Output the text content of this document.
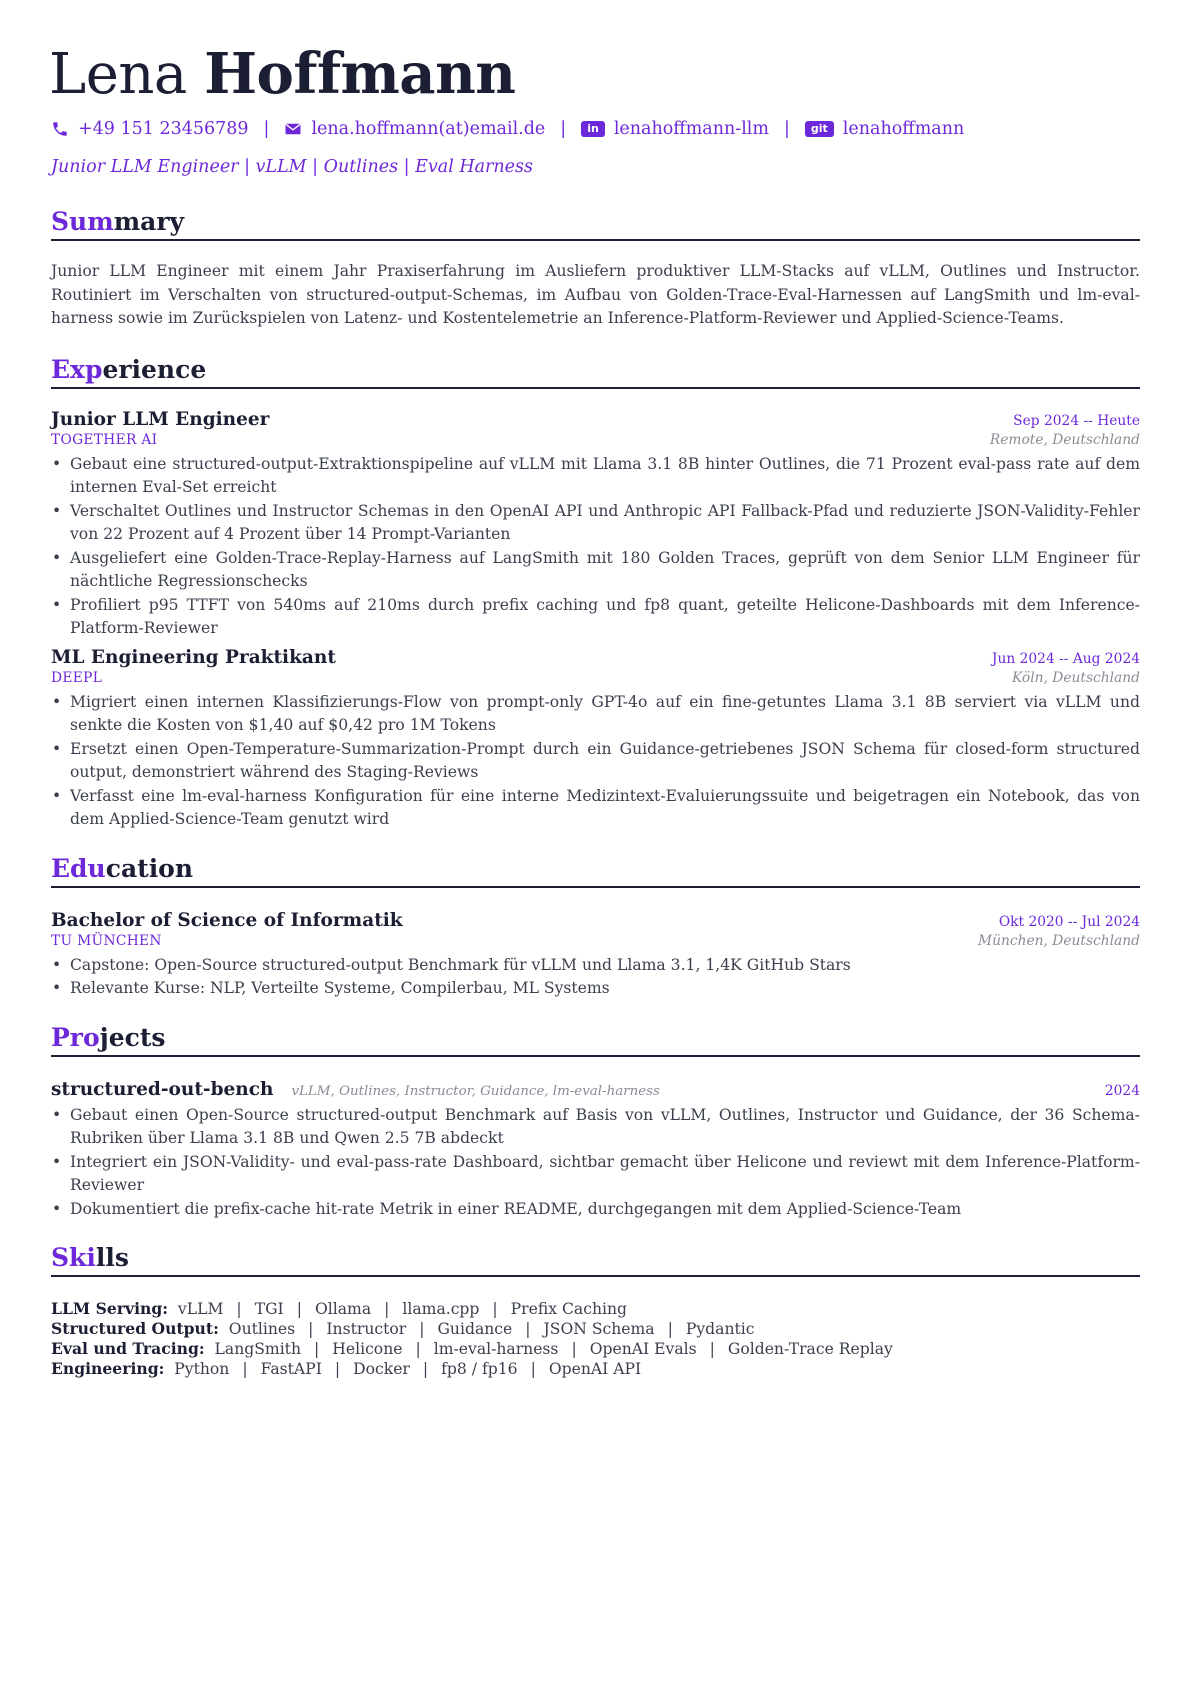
Lena Hoffmann
+49 151 23456789 | lena.hoffmann(at)email.de |	in lenahoffmann-llm |	git lenahoffmann
Junior LLM Engineer | vLLM | Outlines | Eval Harness
Summary
Junior LLM Engineer mit einem Jahr Praxiserfahrung im Ausliefern produktiver LLM-Stacks auf vLLM, Outlines und Instructor. Routiniert im Verschalten von structured-output-Schemas, im Aufbau von Golden-Trace-Eval-Harnessen auf LangSmith und lm-eval-harness sowie im Zurückspielen von Latenz- und Kostentelemetrie an Inference-Platform-Reviewer und Applied-Science-Teams.
Experience
Junior LLM Engineer	Sep 2024 -- Heute
TOGETHER AI	Remote, Deutschland
• Gebaut eine structured-output-Extraktionspipeline auf vLLM mit Llama 3.1 8B hinter Outlines, die 71 Prozent eval-pass rate auf dem internen Eval-Set erreicht
• Verschaltet Outlines und Instructor Schemas in den OpenAI API und Anthropic API Fallback-Pfad und reduzierte JSON-Validity-Fehler von 22 Prozent auf 4 Prozent über 14 Prompt-Varianten
• Ausgeliefert eine Golden-Trace-Replay-Harness auf LangSmith mit 180 Golden Traces, geprüft von dem Senior LLM Engineer für nächtliche Regressionschecks
• Profiliert p95 TTFT von 540ms auf 210ms durch prefix caching und fp8 quant, geteilte Helicone-Dashboards mit dem Inference-Platform-Reviewer
ML Engineering Praktikant	Jun 2024 -- Aug 2024
DEEPL	Köln, Deutschland
• Migriert einen internen Klassifizierungs-Flow von prompt-only GPT-4o auf ein fine-getuntes Llama 3.1 8B serviert via vLLM und senkte die Kosten von $1,40 auf $0,42 pro 1M Tokens
• Ersetzt einen Open-Temperature-Summarization-Prompt durch ein Guidance-getriebenes JSON Schema für closed-form structured output, demonstriert während des Staging-Reviews
• Verfasst eine lm-eval-harness Konfiguration für eine interne Medizintext-Evaluierungssuite und beigetragen ein Notebook, das von dem Applied-Science-Team genutzt wird
Education
Bachelor of Science of Informatik	Okt 2020 -- Jul 2024
TU MÜNCHEN	München, Deutschland
• Capstone: Open-Source structured-output Benchmark für vLLM und Llama 3.1, 1,4K GitHub Stars
• Relevante Kurse: NLP, Verteilte Systeme, Compilerbau, ML Systems
Projects
structured-out-bench vLLM, Outlines, Instructor, Guidance, lm-eval-harness	2024
• Gebaut einen Open-Source structured-output Benchmark auf Basis von vLLM, Outlines, Instructor und Guidance, der 36 Schema-Rubriken über Llama 3.1 8B und Qwen 2.5 7B abdeckt
• Integriert ein JSON-Validity- und eval-pass-rate Dashboard, sichtbar gemacht über Helicone und reviewt mit dem Inference-Platform-Reviewer
• Dokumentiert die prefix-cache hit-rate Metrik in einer README, durchgegangen mit dem Applied-Science-Team
Skills
LLM Serving: vLLM | TGI | Ollama | llama.cpp | Prefix Caching
Structured Output: Outlines | Instructor | Guidance | JSON Schema | Pydantic
Eval und Tracing: LangSmith | Helicone | lm-eval-harness | OpenAI Evals | Golden-Trace Replay
Engineering: Python | FastAPI | Docker | fp8 / fp16 | OpenAI API
